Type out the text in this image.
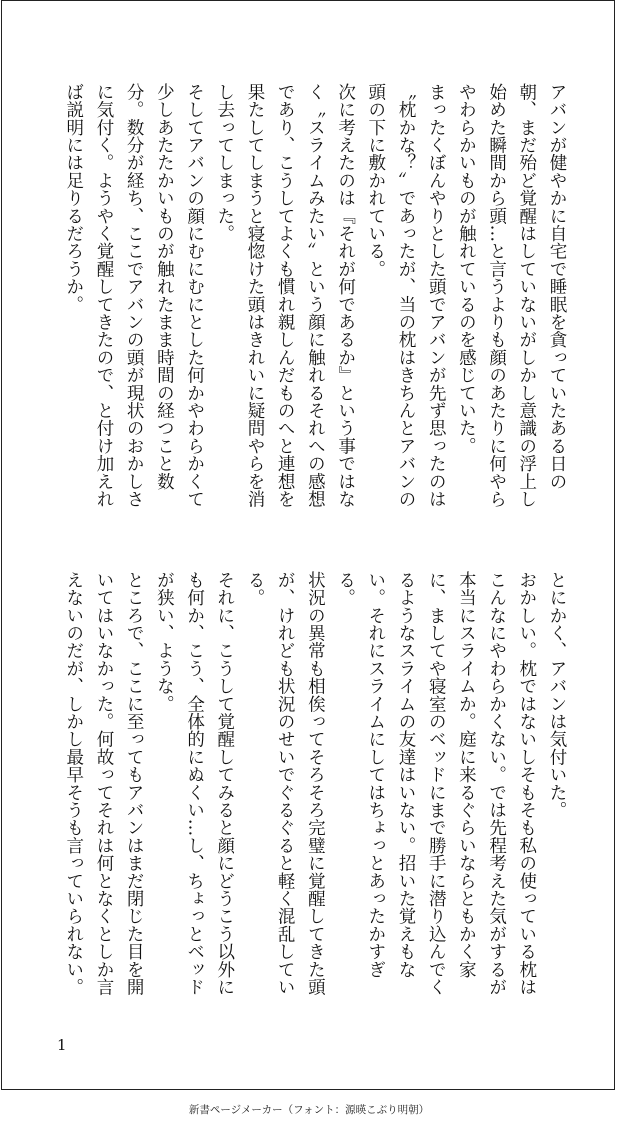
アバンが健やかに自宅で睡眠を貪っていたある日の朝、まだ殆ど覚醒はしていないがしかし意識の浮上し始めた瞬間から頭…と言うよりも顔のあたりに何やらやわらかいものが触れているのを感じていた。
まったくぼんやりとした頭でアバンが先ず思ったのは〝枕かな？〟であったが、当の枕はきちんとアバンの頭の下に敷かれている。
次に考えたのは『それが何であるか』という事ではなく〝スライムみたい〟という顔に触れるそれへの感想であり、こうしてよくも慣れ親しんだものへと連想を果たしてしまうと寝惚けた頭はきれいに疑問やらを消し去ってしまった。
そしてアバンの顔にむにむにとした何かやわらかくて少しあたたかいものが触れたまま時間の経つこと数分。数分が経ち、ここでアバンの頭が現状のおかしさに気付く。ようやく覚醒してきたので、と付け加えれば説明には足りるだろうか。
とにかく、アバンは気付いた。
おかしい。枕ではないしそもそも私の使っている枕はこんなにやわらかくない。では先程考えた気がするが本当にスライムか。庭に来るぐらいならともかく家に、ましてや寝室のベッドにまで勝手に潜り込んでくるようなスライムの友達はいない。招いた覚えもない。それにスライムにしてはちょっとあったかすぎる。
状況の異常も相俟ってそろそろ完璧に覚醒してきた頭が、けれども状況のせいでぐるぐると軽く混乱している。
それに、こうして覚醒してみると顔にどうこう以外にも何か、こう、全体的にぬくい…し、ちょっとベッドが狭い、ような。
ところで、ここに至ってもアバンはまだ閉じた目を開いてはいなかった。何故ってそれは何となくとしか言えないのだが、しかし最早そうも言っていられない。
1
新書ページメーカー（フォント：源暎こぶり明朝）
